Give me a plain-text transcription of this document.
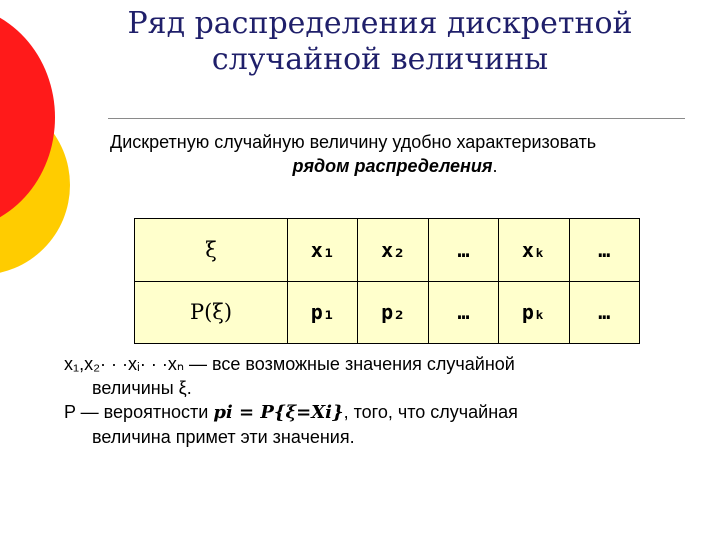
Ряд распределения дискретной
случайной величины
Дискретную случайную величину удобно характеризовать
рядом распределения.
ξ	x₁	x₂	…	xₖ	…
P(ξ)	p₁	p₂	…	pₖ	…
x₁,x₂· · ·xᵢ· · ·xₙ — все возможные значения случайной
величины ξ.
P — вероятности pi = P{ξ=Xi}, того, что случайная
величина примет эти значения.
